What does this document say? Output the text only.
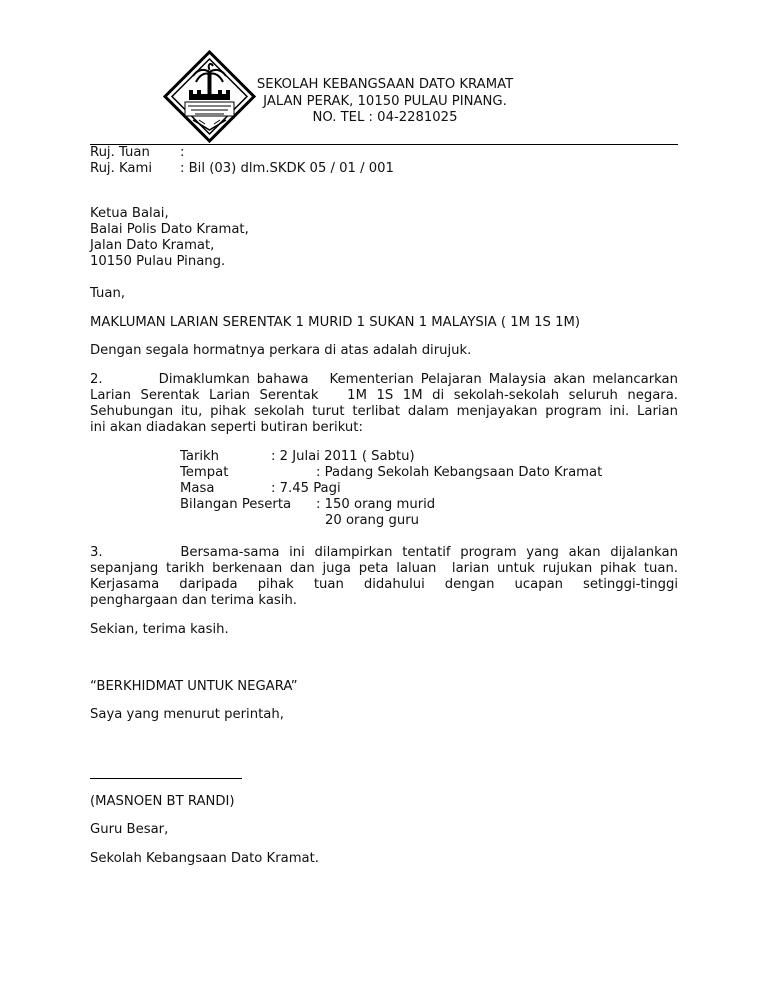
SEKOLAH KEBANGSAAN DATO KRAMAT
JALAN PERAK, 10150 PULAU PINANG.
NO. TEL : 04-2281025
Ruj. Tuan :
Ruj. Kami : Bil (03) dlm.SKDK 05 / 01 / 001
Ketua Balai,
Balai Polis Dato Kramat,
Jalan Dato Kramat,
10150 Pulau Pinang.
Tuan,
MAKLUMAN LARIAN SERENTAK 1 MURID 1 SUKAN 1 MALAYSIA ( 1M 1S 1M)
Dengan segala hormatnya perkara di atas adalah dirujuk.
2.        Dimaklumkan bahawa   Kementerian Pelajaran Malaysia akan melancarkan
Larian Serentak Larian Serentak   1M 1S 1M di sekolah-sekolah seluruh negara.
Sehubungan itu, pihak sekolah turut terlibat dalam menjayakan program ini. Larian
ini akan diadakan seperti butiran berikut:
Tarikh	: 2 Julai 2011 ( Sabtu)
Tempat	: Padang Sekolah Kebangsaan Dato Kramat
Masa	: 7.45 Pagi
Bilangan Peserta : 150 orang murid
20 orang guru
3.        Bersama-sama ini dilampirkan tentatif program yang akan dijalankan
sepanjang tarikh berkenaan dan juga peta laluan  larian untuk rujukan pihak tuan.
Kerjasama daripada pihak tuan didahului dengan ucapan setinggi-tinggi
penghargaan dan terima kasih.
Sekian, terima kasih.
“BERKHIDMAT UNTUK NEGARA”
Saya yang menurut perintah,
(MASNOEN BT RANDI)
Guru Besar,
Sekolah Kebangsaan Dato Kramat.
